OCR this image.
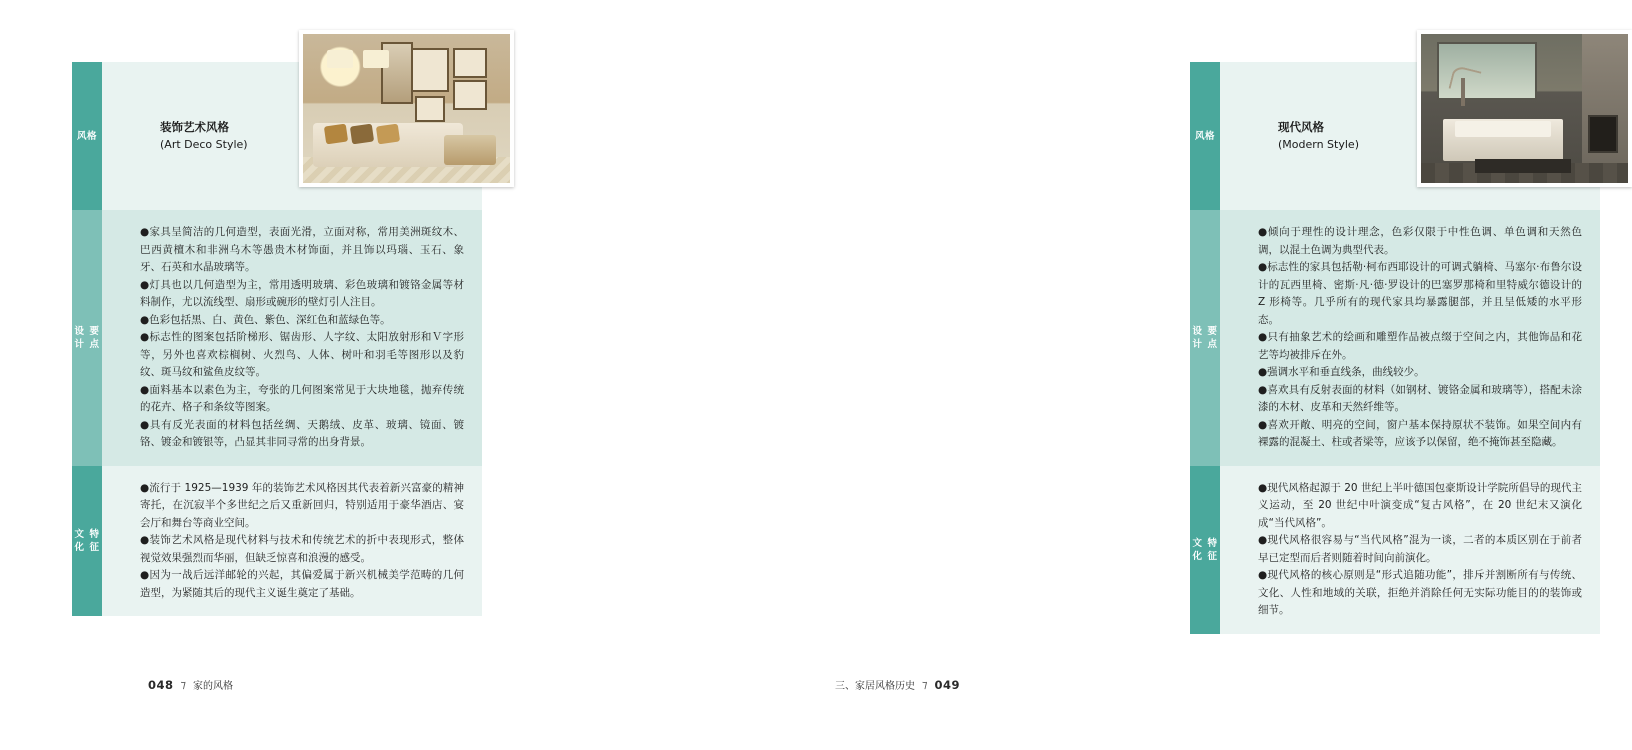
风格
装饰艺术风格
(Art Deco Style)
设计
要点

●家具呈简洁的几何造型，表面光滑，立面对称，常用美洲斑纹木、巴西黄檀木和非洲乌木等愚贵木材饰面，并且饰以玛瑙、玉石、象牙、石英和水晶玻璃等。

●灯具也以几何造型为主，常用透明玻璃、彩色玻璃和镀铬金属等材料制作，尤以流线型、扇形或碗形的壁灯引人注目。

●色彩包括黑、白、黄色、紫色、深红色和蓝绿色等。

●标志性的图案包括阶梯形、锯齿形、人字纹、太阳放射形和Ｖ字形等，另外也喜欢棕榈树、火烈鸟、人体、树叶和羽毛等图形以及豹纹、斑马纹和鲨鱼皮纹等。

●面料基本以素色为主，夸张的几何图案常见于大块地毯，抛弃传统的花卉、格子和条纹等图案。

●具有反光表面的材料包括丝绸、天鹅绒、皮革、玻璃、镜面、镀铬、镀金和镀银等，凸显其非同寻常的出身背景。

文化
特征

●流行于 1925—1939 年的装饰艺术风格因其代表着新兴富豪的精神寄托，在沉寂半个多世纪之后又重新回归，特别适用于豪华酒店、宴会厅和舞台等商业空间。

●装饰艺术风格是现代材料与技术和传统艺术的折中表现形式，整体视觉效果强烈而华丽，但缺乏惊喜和浪漫的感受。

●因为一战后远洋邮轮的兴起，其偏爱属于新兴机械美学范畴的几何造型，为紧随其后的现代主义诞生奠定了基础。

048 ⁊ 家的风格
风格
现代风格
(Modern Style)
设计
要点

●倾向于理性的设计理念，色彩仅限于中性色调、单色调和天然色调，以混土色调为典型代表。

●标志性的家具包括勒·柯布西耶设计的可调式躺椅、马塞尔·布鲁尔设计的瓦西里椅、密斯·凡·德·罗设计的巴塞罗那椅和里特威尔德设计的 Z 形椅等。几乎所有的现代家具均暴露腿部，并且呈低矮的水平形态。

●只有抽象艺术的绘画和雕塑作品被点缀于空间之内，其他饰品和花艺等均被排斥在外。

●强调水平和垂直线条，曲线较少。

●喜欢具有反射表面的材料（如钢材、镀铬金属和玻璃等），搭配未涂漆的木材、皮革和天然纤维等。

●喜欢开敞、明亮的空间，窗户基本保持原状不装饰。如果空间内有裸露的混凝土、柱或者梁等，应该予以保留，绝不掩饰甚至隐藏。

文化
特征

●现代风格起源于 20 世纪上半叶德国包豪斯设计学院所倡导的现代主义运动，至 20 世纪中叶演变成“复古风格”，在 20 世纪末又演化成“当代风格”。

●现代风格很容易与“当代风格”混为一谈，二者的本质区别在于前者早已定型而后者则随着时间向前演化。

●现代风格的核心原则是“形式追随功能”，排斥并割断所有与传统、文化、人性和地域的关联，拒绝并消除任何无实际功能目的的装饰或细节。

三、家居风格历史 ⁊ 049
